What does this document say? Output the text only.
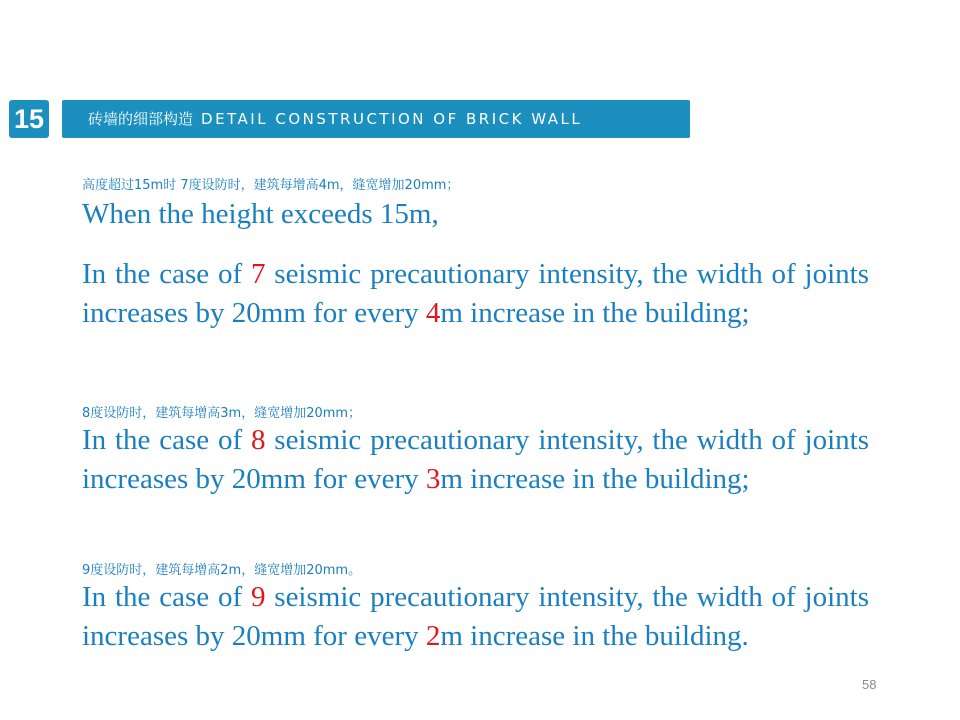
15	砖墙的细部构造 DETAIL CONSTRUCTION OF BRICK WALL
高度超过15m时 7度设防时，建筑每增高4m，缝宽增加20mm；

When the height exceeds 15m,

In the case of 7 seismic precautionary intensity, the width of joints increases by 20mm for every 4m increase in the building;

8度设防时，建筑每增高3m，缝宽增加20mm；

In the case of 8 seismic precautionary intensity, the width of joints increases by 20mm for every 3m increase in the building;

9度设防时，建筑每增高2m，缝宽增加20mm。

In the case of 9 seismic precautionary intensity, the width of joints increases by 20mm for every 2m increase in the building.

58
